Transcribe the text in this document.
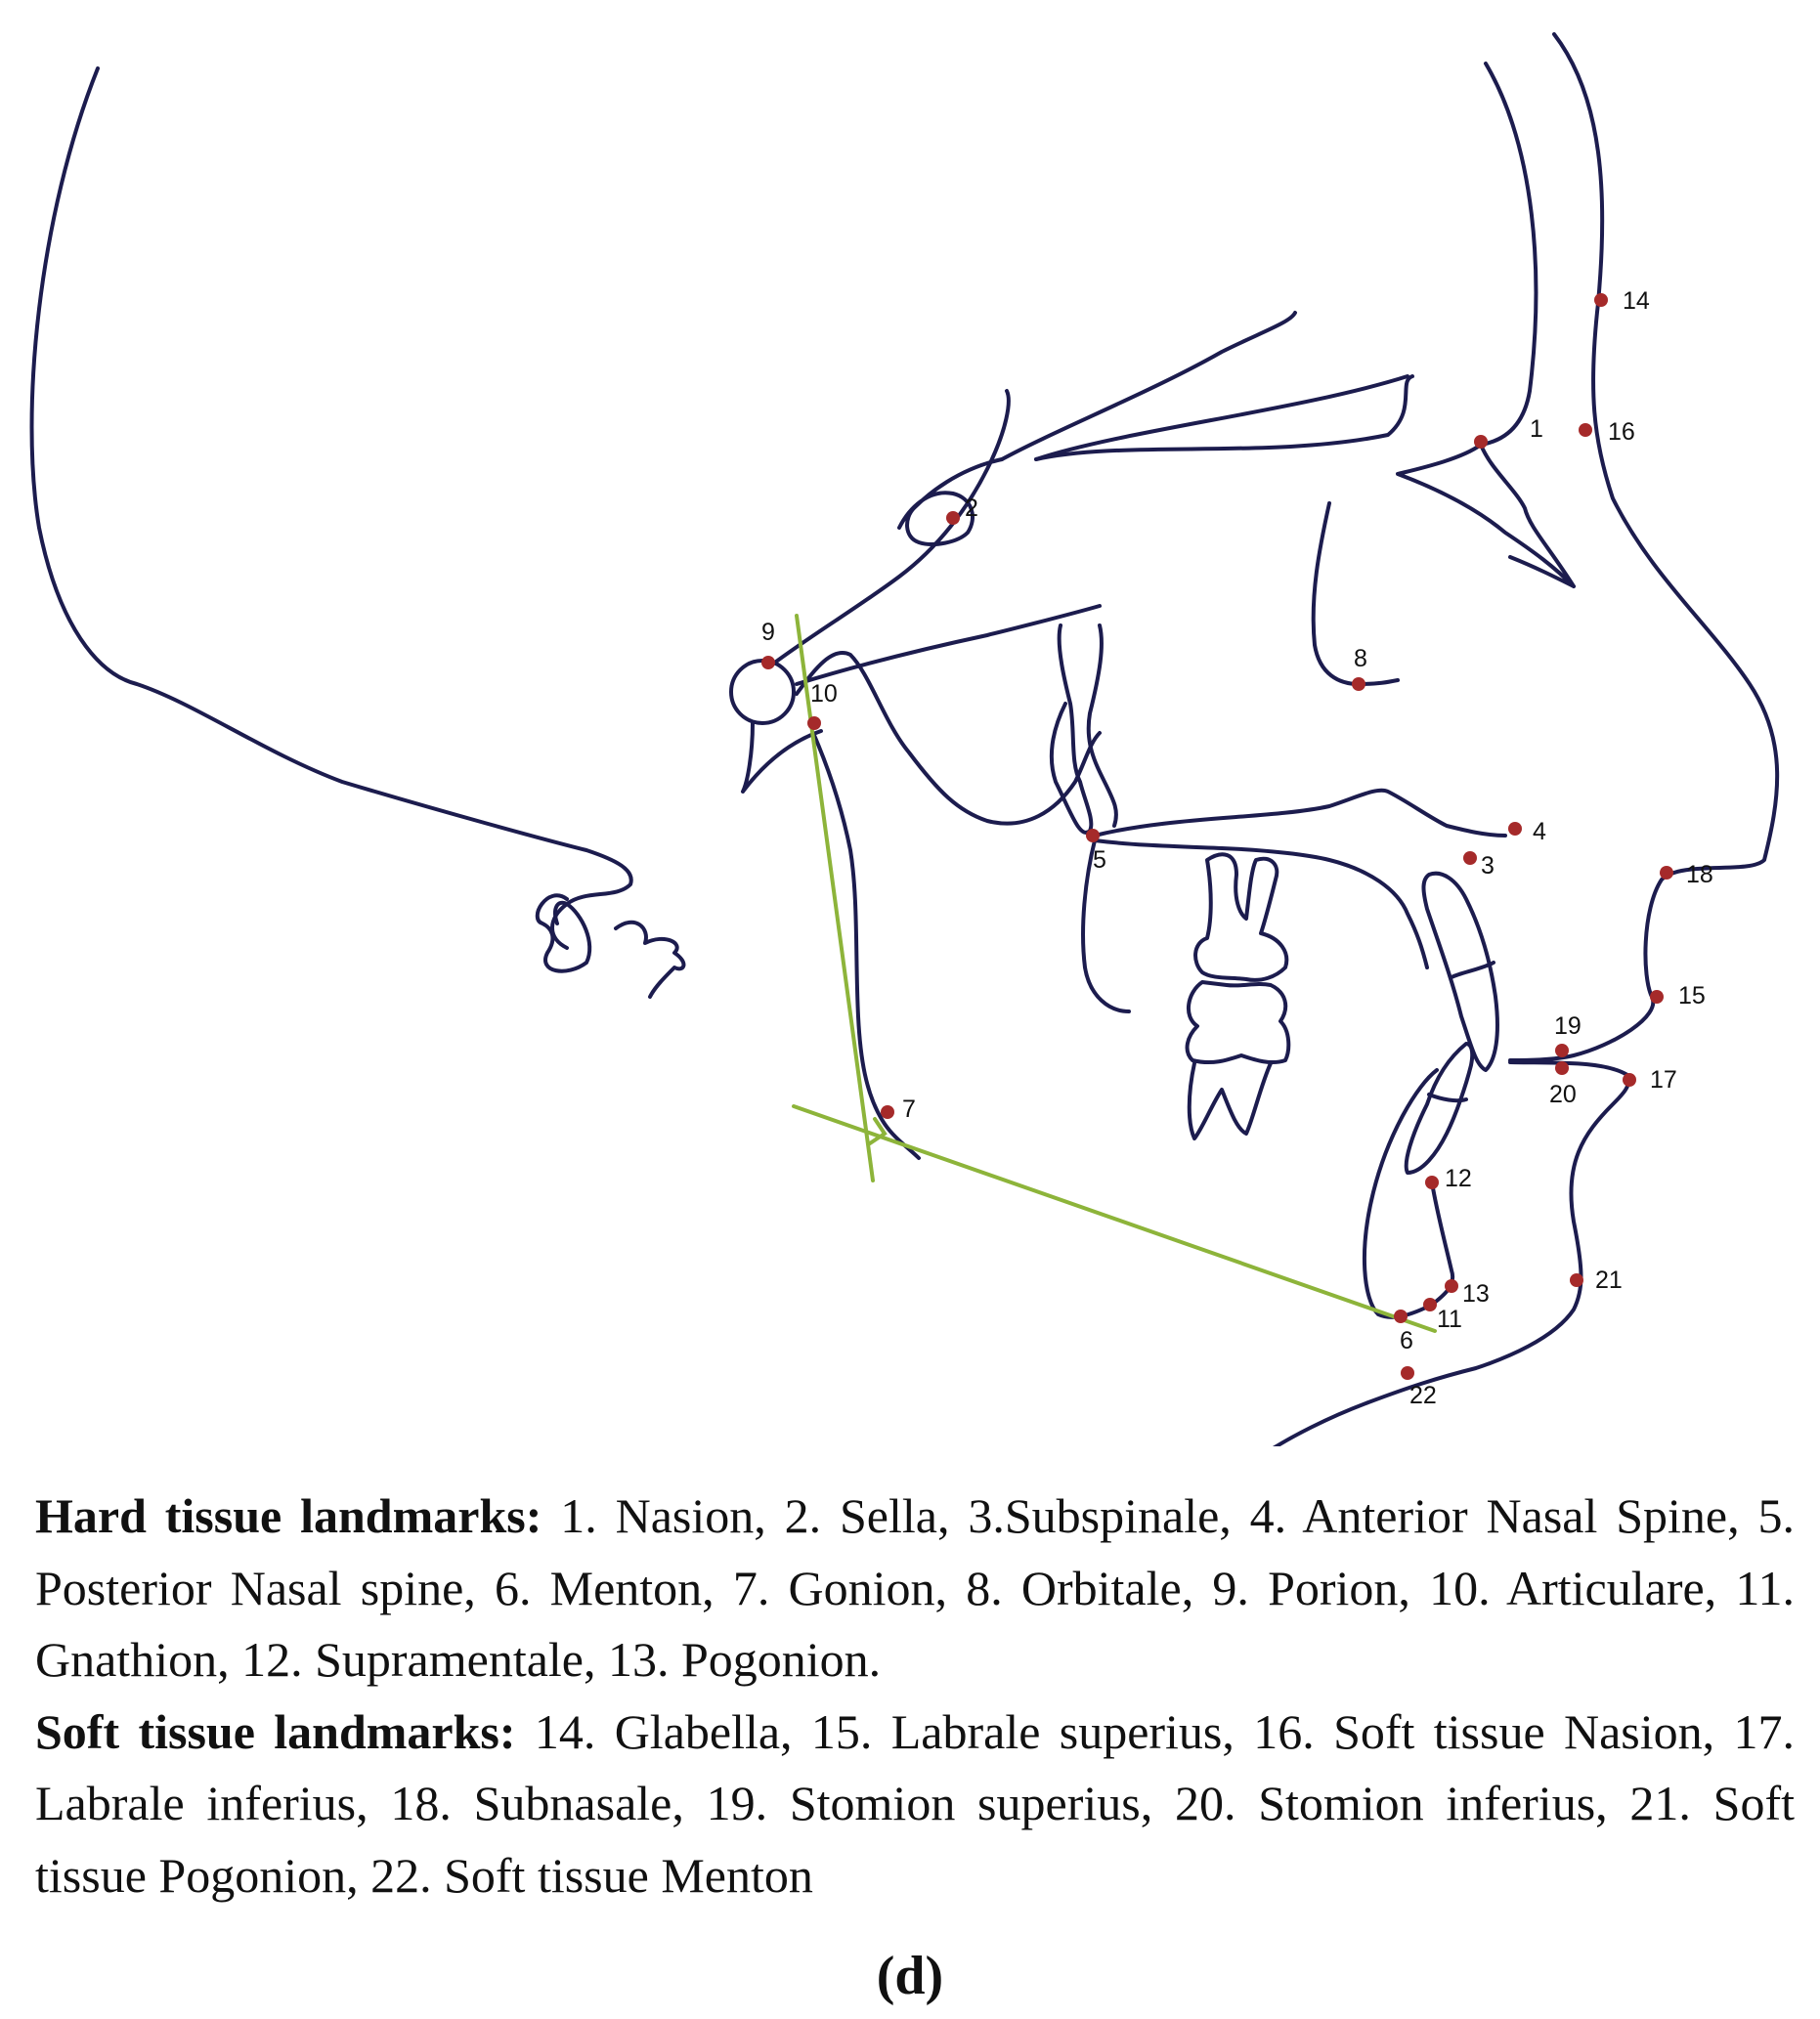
1
2
3
4
5
6
7
8
9
10
11
12
13
14
15
16
17
18
19
20
21
22

Hard tissue landmarks: 1. Nasion, 2. Sella, 3.Subspinale, 4. Anterior Nasal Spine, 5. Posterior Nasal spine, 6. Menton, 7. Gonion, 8. Orbitale, 9. Porion, 10. Articulare, 11. Gnathion, 12. Supramentale, 13. Pogonion.

Soft tissue landmarks: 14. Glabella, 15. Labrale superius, 16. Soft tissue Nasion, 17. Labrale inferius, 18. Subnasale, 19. Stomion superius, 20. Stomion inferius, 21. Soft tissue Pogonion, 22. Soft tissue Menton

(d)
